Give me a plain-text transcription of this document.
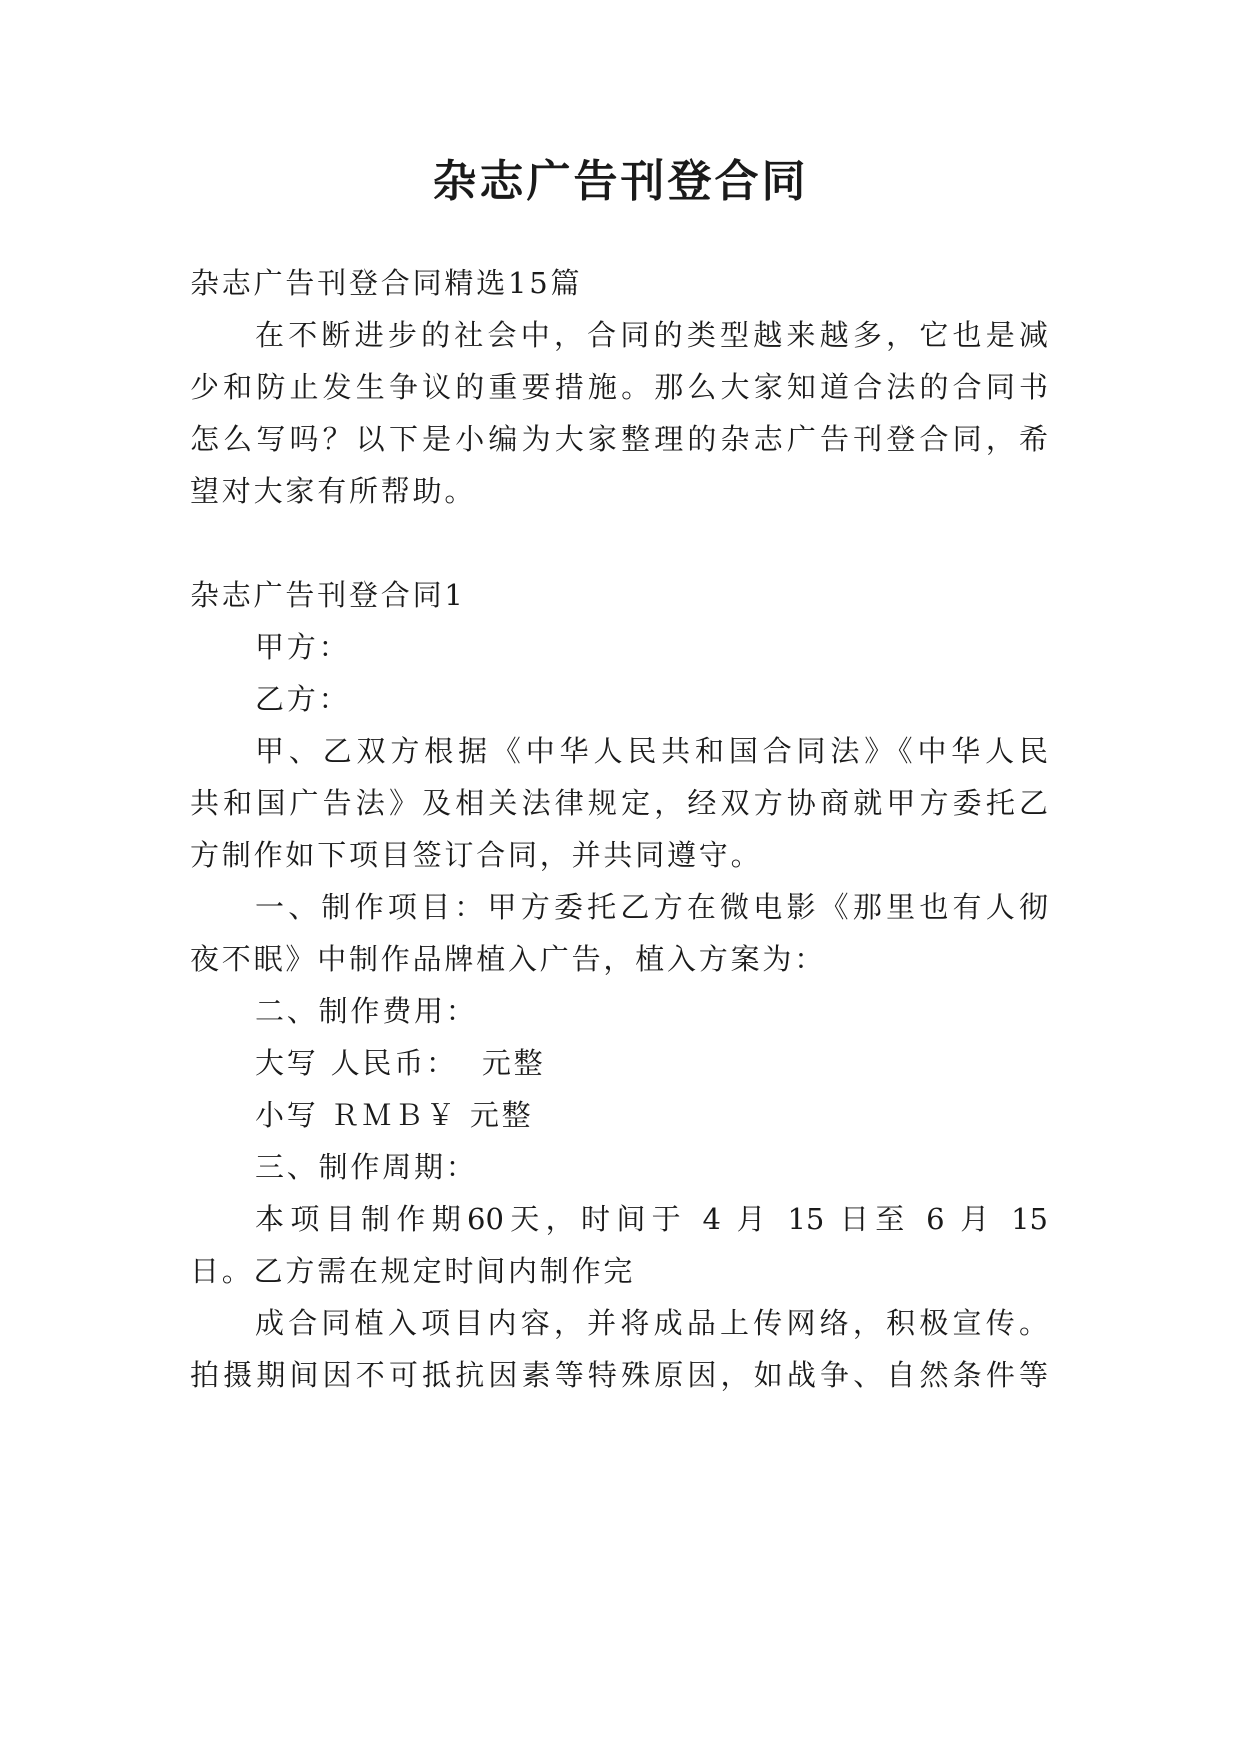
杂志广告刊登合同
杂志广告刊登合同精选15篇
在不断进步的社会中，合同的类型越来越多，它也是减
少和防止发生争议的重要措施。那么大家知道合法的合同书
怎么写吗？以下是小编为大家整理的杂志广告刊登合同，希
望对大家有所帮助。
杂志广告刊登合同1
甲方：
乙方：
甲、乙双方根据《中华人民共和国合同法》《中华人民
共和国广告法》及相关法律规定，经双方协商就甲方委托乙
方制作如下项目签订合同，并共同遵守。
一、制作项目：甲方委托乙方在微电影《那里也有人彻
夜不眠》中制作品牌植入广告，植入方案为：
二、制作费用：
大写 人民币：  元整
小写 ＲＭＢ￥ 元整
三、制作周期：
本项目制作期60天，时间于 4 月 15 日至 6 月 15
日。乙方需在规定时间内制作完
成合同植入项目内容，并将成品上传网络，积极宣传。
拍摄期间因不可抵抗因素等特殊原因，如战争、自然条件等
